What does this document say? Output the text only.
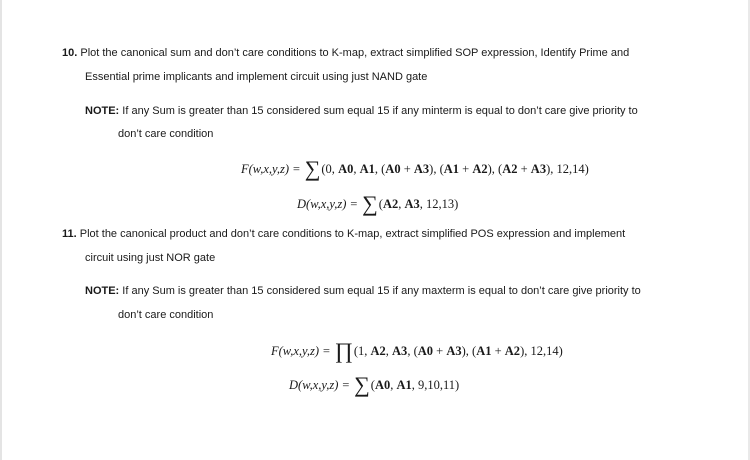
10. Plot the canonical sum and don’t care conditions to K-map, extract simplified SOP expression, Identify Prime and
Essential prime implicants and implement circuit using just NAND gate
NOTE: If any Sum is greater than 15 considered sum equal 15 if any minterm is equal to don’t care give priority to
don’t care condition
F(w,x,y,z) = ∑(0, A0, A1, (A0 + A3), (A1 + A2), (A2 + A3), 12,14)
D(w,x,y,z) = ∑(A2, A3, 12,13)
11. Plot the canonical product and don’t care conditions to K-map, extract simplified POS expression and implement
circuit using just NOR gate
NOTE: If any Sum is greater than 15 considered sum equal 15 if any maxterm is equal to don’t care give priority to
don’t care condition
F(w,x,y,z) = ∏(1, A2, A3, (A0 + A3), (A1 + A2), 12,14)
D(w,x,y,z) = ∑(A0, A1, 9,10,11)
